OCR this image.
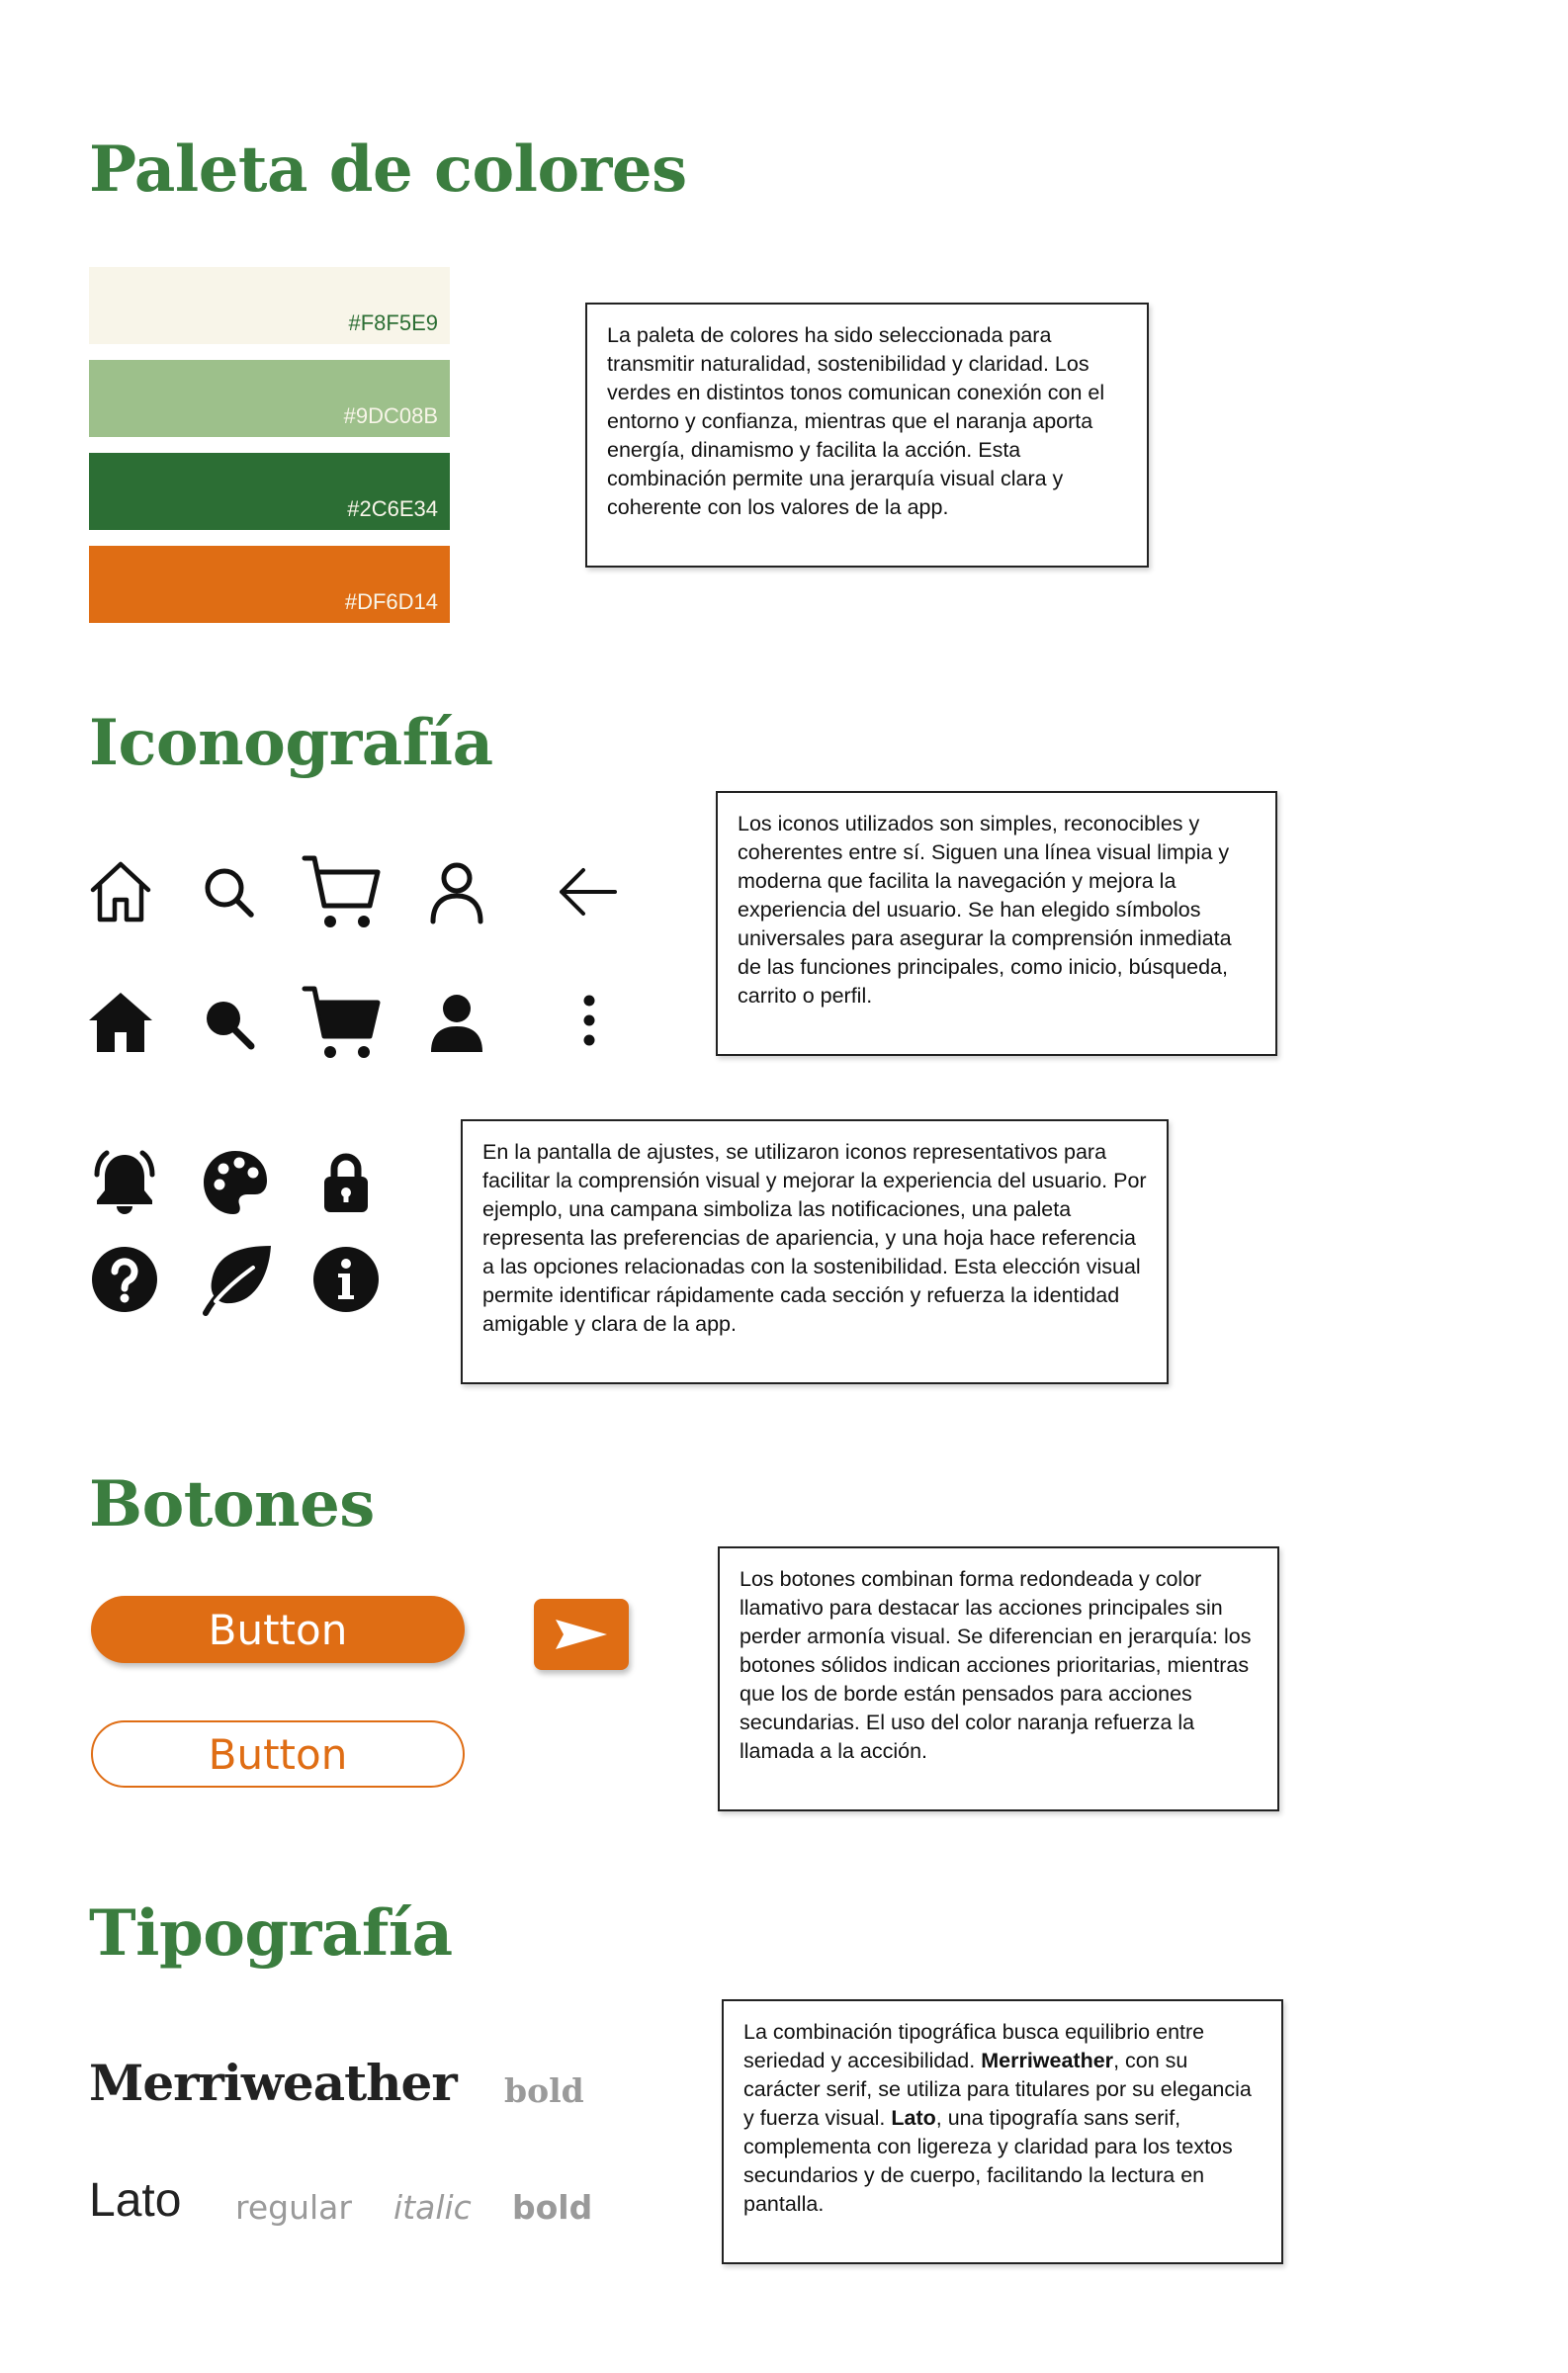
Paleta de colores
#F8F5E9
#9DC08B
#2C6E34
#DF6D14
La paleta de colores ha sido seleccionada para transmitir naturalidad, sostenibilidad y claridad. Los verdes en distintos tonos comunican conexión con el entorno y confianza, mientras que el naranja aporta energía, dinamismo y facilita la acción. Esta combinación permite una jerarquía visual clara y coherente con los valores de la app.
Iconografía
Los iconos utilizados son simples, reconocibles y coherentes entre sí. Siguen una línea visual limpia y moderna que facilita la navegación y mejora la experiencia del usuario. Se han elegido símbolos universales para asegurar la comprensión inmediata de las funciones principales, como inicio, búsqueda, carrito o perfil.
En la pantalla de ajustes, se utilizaron iconos representativos para facilitar la comprensión visual y mejorar la experiencia del usuario. Por ejemplo, una campana simboliza las notificaciones, una paleta representa las preferencias de apariencia, y una hoja hace referencia a las opciones relacionadas con la sostenibilidad. Esta elección visual permite identificar rápidamente cada sección y refuerza la identidad amigable y clara de la app.
Botones
Button
Button
Los botones combinan forma redondeada y color llamativo para destacar las acciones principales sin perder armonía visual. Se diferencian en jerarquía: los botones sólidos indican acciones prioritarias, mientras que los de borde están pensados para acciones secundarias. El uso del color naranja refuerza la llamada a la acción.
Tipografía
Merriweather bold
Lato regular italic bold
La combinación tipográfica busca equilibrio entre seriedad y accesibilidad. Merriweather, con su carácter serif, se utiliza para titulares por su elegancia y fuerza visual. Lato, una tipografía sans serif, complementa con ligereza y claridad para los textos secundarios y de cuerpo, facilitando la lectura en pantalla.
